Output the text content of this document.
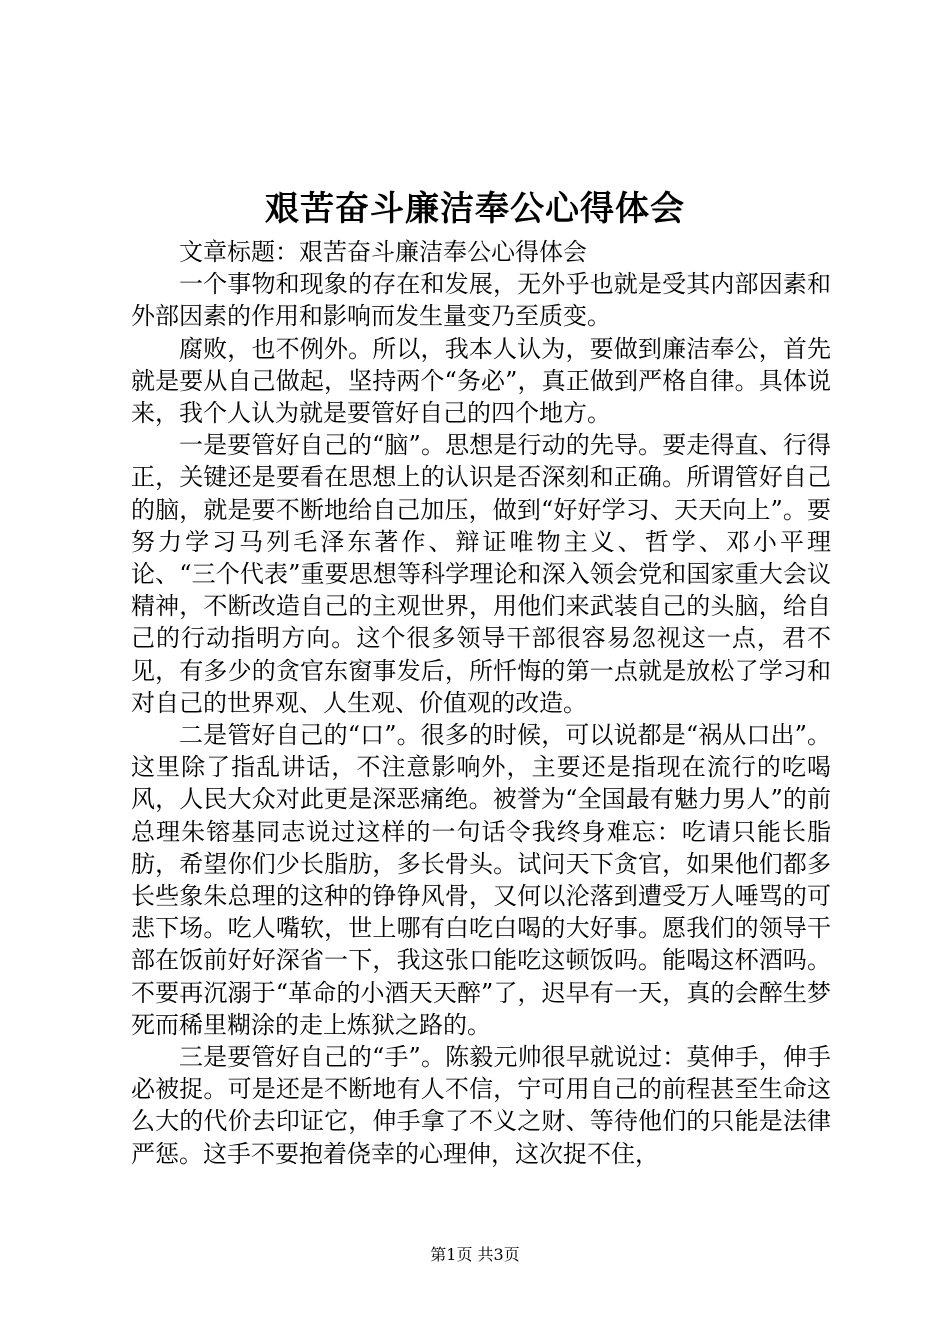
艰苦奋斗廉洁奉公心得体会

文章标题：艰苦奋斗廉洁奉公心得体会

一个事物和现象的存在和发展，无外乎也就是受其内部因素和外部因素的作用和影响而发生量变乃至质变。

腐败，也不例外。所以，我本人认为，要做到廉洁奉公，首先就是要从自己做起，坚持两个“务必”，真正做到严格自律。具体说来，我个人认为就是要管好自己的四个地方。

一是要管好自己的“脑”。思想是行动的先导。要走得直、行得正，关键还是要看在思想上的认识是否深刻和正确。所谓管好自己的脑，就是要不断地给自己加压，做到“好好学习、天天向上”。要努力学习马列毛泽东著作、辩证唯物主义、哲学、邓小平理论、“三个代表”重要思想等科学理论和深入领会党和国家重大会议精神，不断改造自己的主观世界，用他们来武装自己的头脑，给自己的行动指明方向。这个很多领导干部很容易忽视这一点，君不见，有多少的贪官东窗事发后，所忏悔的第一点就是放松了学习和对自己的世界观、人生观、价值观的改造。

二是管好自己的“口”。很多的时候，可以说都是“祸从口出”。这里除了指乱讲话，不注意影响外，主要还是指现在流行的吃喝风，人民大众对此更是深恶痛绝。被誉为“全国最有魅力男人”的前总理朱镕基同志说过这样的一句话令我终身难忘：吃请只能长脂肪，希望你们少长脂肪，多长骨头。试问天下贪官，如果他们都多长些象朱总理的这种的铮铮风骨，又何以沦落到遭受万人唾骂的可悲下场。吃人嘴软，世上哪有白吃白喝的大好事。愿我们的领导干部在饭前好好深省一下，我这张口能吃这顿饭吗。能喝这杯酒吗。不要再沉溺于“革命的小酒天天醉”了，迟早有一天，真的会醉生梦死而稀里糊涂的走上炼狱之路的。

三是要管好自己的“手”。陈毅元帅很早就说过：莫伸手，伸手必被捉。可是还是不断地有人不信，宁可用自己的前程甚至生命这么大的代价去印证它，伸手拿了不义之财、等待他们的只能是法律严惩。这手不要抱着侥幸的心理伸，这次捉不住，

第1页 共3页
